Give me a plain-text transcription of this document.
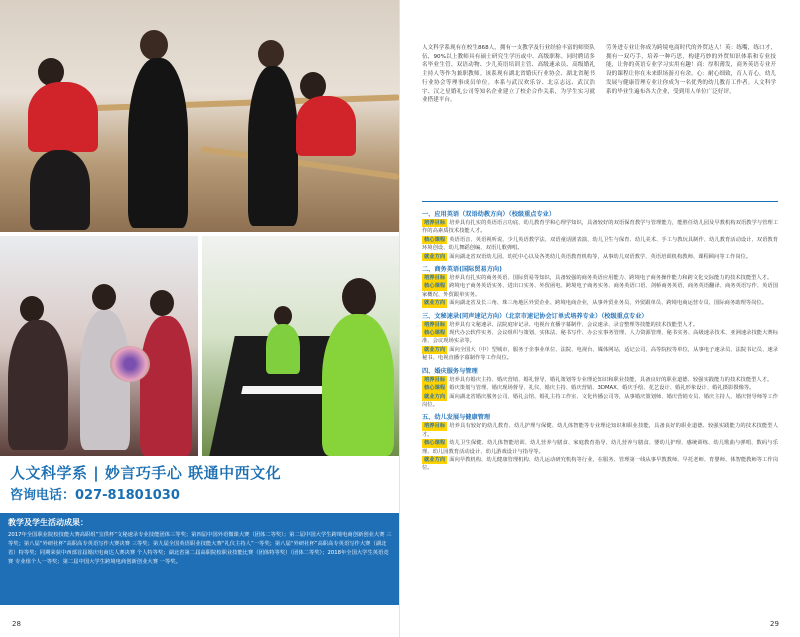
人文科学系 | 妙言巧手心 联通中西文化
咨询电话：027-81801030
教学及学生活动成果：
2017年全国职业院校技能大赛高职组“宝供杯”文秘速录专业技能团体三等奖；第四届中国外语微课大赛（团体二等奖）；第二届中国大学生跨境电商创新创业大赛 三等奖；第八届“外研社杯”高职高专英语写作大赛决赛 三等奖；第九届全国英语职业技能大赛“礼仪主持人”一等奖；第八届“外研社杯”高职高专英语写作大赛（湖北省）特等奖；同期荣获中西部首届婚庆电商达人赛决赛 个人特等奖；湖北省第二届高职院校职业技能比赛（团体特等奖）（团体二等奖）；2018年全国大学生英语竞赛 专业组个人一等奖；第二届中国大学生跨境电商创新创业大赛 一等奖。
28
人文科学系现有在校生868人，拥有一支教学及行业经验丰富的师资队伍，90%以上教师具有硕士研究生学历或中、高级职称。同时聘请多名毕业生管、双语动物、少儿英语培训主管、高级速录员、高级婚礼主持人等作为兼职教师。该系现有湖北省婚庆行业协会、湖北省秘书行业协会等理事成员单位。本系与武汉欢乐谷、北京志远、武汉浩宇、汉之星婚礼公司等知名企业建立了校企合作关系，为学生实习就业搭建平台。
劳务进专业让你成为跨境电商时代的外贸达人！英：练嘴，练口才，拥有一双巧手，培养一种巧思，构建巧妙的外贸知识体系和专业技能，让你的英语专业学习实用有趣！商：厚积薄发，商务英语专业开设的课程让你在未来职场游刃有余。心：耐心细致，育人育心，幼儿发展与健康管理专业让你成为一名优秀的幼儿教育工作者。人文科学系的毕业生遍布各大企业，受到用人单位广泛好评。
一、应用英语（双语幼教方向）（校级重点专业）
培养目标 培养具有扎实的英语语言功底、幼儿教育学和心理学知识，具备较好的双语保育教学与管理能力，能胜任幼儿园及早教机构双语教学与管理工作的高素质技术技能人才。
核心课程 英语语音、英语视听说、少儿英语教学法、双语童话剧表演、幼儿卫生与保育、幼儿美术、手工与教玩具制作、幼儿教育活动设计、双语教育环境创设、幼儿舞蹈创编、双语儿歌弹唱。
就业方向 面向湖北省双语幼儿园、幼托中心以及各类幼儿英语教育机构等，从事幼儿双语教学、英语培训机构教师、课程顾问等工作岗位。
二、商务英语(国际贸易方向)
培养目标 培养具有扎实的商务英语、国际贸易等知识，具备较强的商务英语应用能力、跨境电子商务操作能力和跨文化交际能力的技术技能型人才。
核心课程 跨境电子商务英语实务、进出口实务、外贸函电、跨境电子商务实务、商务英语口语、剑桥商务英语、商务英语翻译、商务英语写作、英语国家概况、外贸跟单实务。
就业方向 面向湖北省及长三角、珠三角地区外贸企业、跨境电商企业，从事外贸业务员、外贸跟单员、跨境电商运营专员、国际商务助理等岗位。
三、文秘速录(同声速记方向）（北京市速记协会订单式培养专业）（校级重点专业）
培养目标 培养具有文秘速录、法院庭审记录、电视台直播字幕制作、会议速录、录音整理等技能的技术技能型人才。
核心课程 现代办公软件实务、会议组织与策划、实体法、秘书写作、办公室事务管理、人力资源管理、秘书实务、高级速录技术、亚洲速录技能大赛标准、会议现场实录等。
就业方向 面向全国大（中）型城市，服务于企事业单位、法院、电视台、媒体网站，适记公司、高等院校等单位，从事电子速录员、法院书记员、速录秘书、电视直播字幕制作等工作岗位。
四、婚庆服务与管理
培养目标 培养具有婚庆主持、婚庆营销、婚礼督导、婚礼策划等专业理论知识和职业技能，具备良好的职业道德、较强实践能力的技术技能型人才。
核心课程 婚庆策划与管理、婚庆现场督导、礼仪、婚庆主持、婚庆营销、3DMAX、婚庆手绘、花艺设计、婚礼形象设计、婚礼摄影摄像等。
就业方向 面向湖北省婚庆服务公司、婚礼会馆、婚礼主持工作室、文化传播公司等，从事婚庆策划师、婚庆营销专员、婚庆主持人、婚庆督导师等工作岗位。
五、幼儿发展与健康管理
培养目标 培养具有较好的幼儿教育、幼儿护理与保健、幼儿体智能等专业理论知识和职业技能，具备良好的职业道德、较强实践能力的技术技能型人才。
核心课程 幼儿卫生保健、幼儿体智能培训、幼儿营养与膳食、家庭教育指导、幼儿营养与膳食、婴幼儿护理、感统训练、幼儿歌曲与弹唱、数码与乐理、幼儿园教育活动设计、幼儿游戏设计与指导等。
就业方向 面向早教机构、幼儿健康管理机构、幼儿运动研究机构等行业，在服务、管理第一线从事早教教师、早托老师、育婴师、体智能教师等工作岗位。
29
